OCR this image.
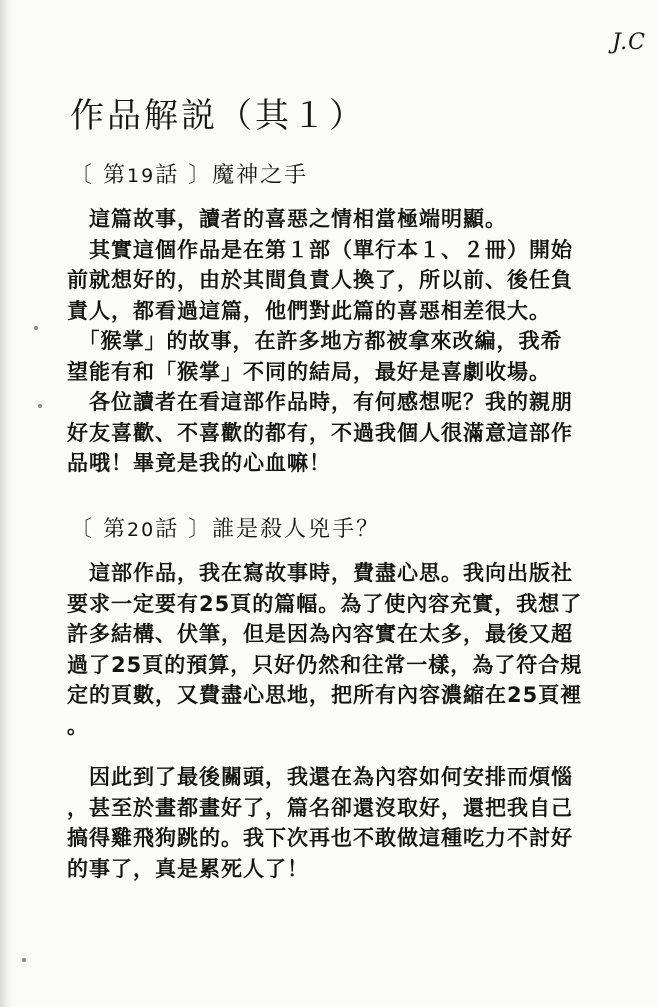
J.C
作品解説（其１）
〔 第19話 〕魔神之手
　這篇故事，讀者的喜惡之情相當極端明顯。
　其實這個作品是在第１部（單行本１、２冊）開始
前就想好的，由於其間負責人換了，所以前、後任負
責人，都看過這篇，他們對此篇的喜惡相差很大。
　「猴掌」的故事，在許多地方都被拿來改編，我希
望能有和「猴掌」不同的結局，最好是喜劇收場。
　各位讀者在看這部作品時，有何感想呢？我的親朋
好友喜歡、不喜歡的都有，不過我個人很滿意這部作
品哦！畢竟是我的心血嘛！
〔 第20話 〕誰是殺人兇手？
　這部作品，我在寫故事時，費盡心思。我向出版社
要求一定要有25頁的篇幅。為了使內容充實，我想了
許多結構、伏筆，但是因為內容實在太多，最後又超
過了25頁的預算，只好仍然和往常一樣，為了符合規
定的頁數，又費盡心思地，把所有內容濃縮在25頁裡
。
　因此到了最後關頭，我還在為內容如何安排而煩惱
，甚至於畫都畫好了，篇名卻還沒取好，還把我自己
搞得雞飛狗跳的。我下次再也不敢做這種吃力不討好
的事了，真是累死人了！
